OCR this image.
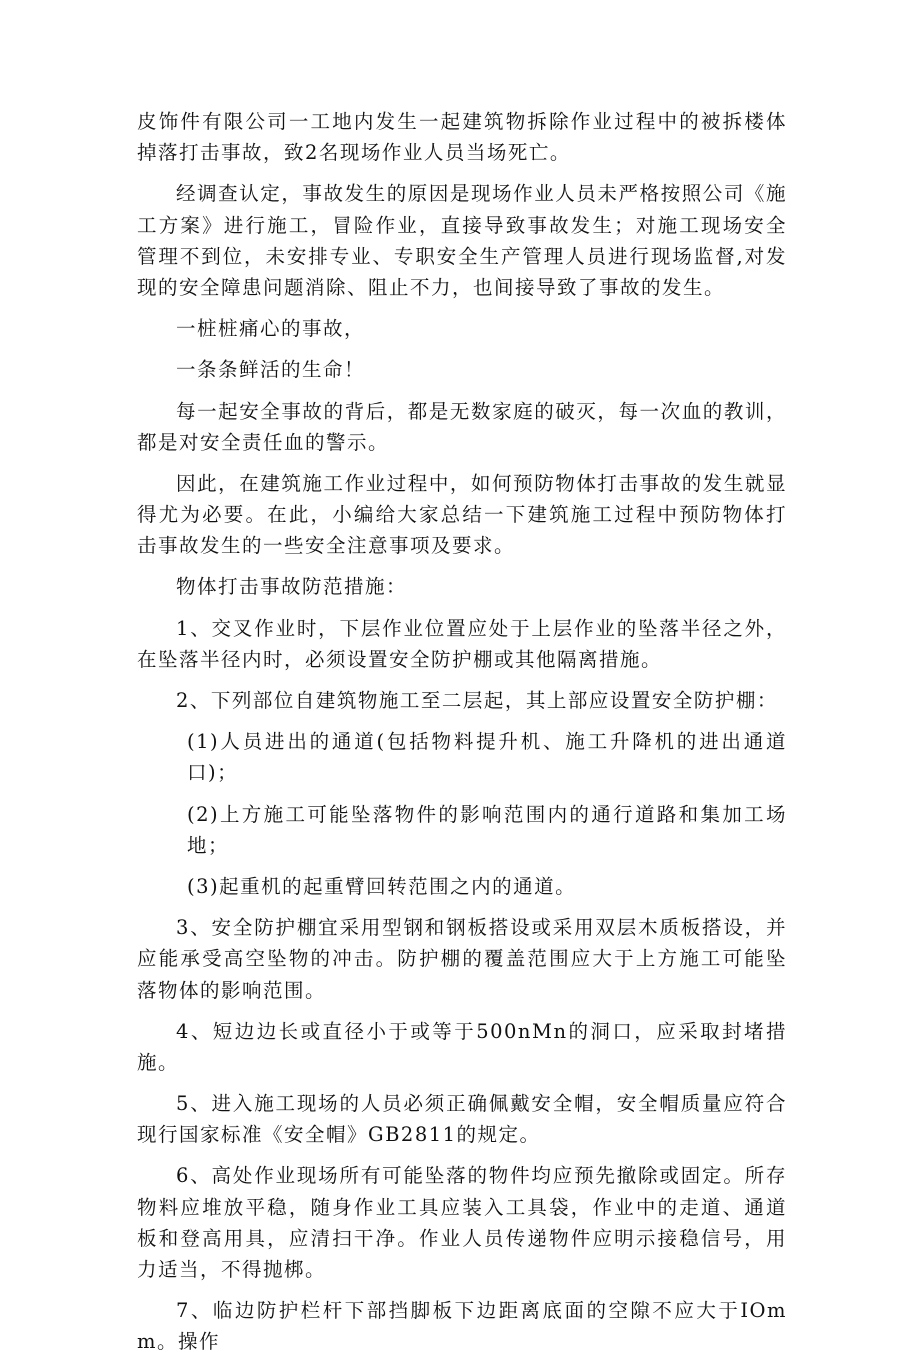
皮饰件有限公司一工地内发生一起建筑物拆除作业过程中的被拆楼体掉落打击事故，致2名现场作业人员当场死亡。

经调查认定，事故发生的原因是现场作业人员未严格按照公司《施工方案》进行施工，冒险作业，直接导致事故发生；对施工现场安全管理不到位，未安排专业、专职安全生产管理人员进行现场监督,对发现的安全障患问题消除、阻止不力，也间接导致了事故的发生。

一桩桩痛心的事故，

一条条鲜活的生命！

每一起安全事故的背后，都是无数家庭的破灭，每一次血的教训，都是对安全责任血的警示。

因此，在建筑施工作业过程中，如何预防物体打击事故的发生就显得尤为必要。在此，小编给大家总结一下建筑施工过程中预防物体打击事故发生的一些安全注意事项及要求。

物体打击事故防范措施：

1、交叉作业时，下层作业位置应处于上层作业的坠落半径之外，在坠落半径内时，必须设置安全防护棚或其他隔离措施。

2、下列部位自建筑物施工至二层起，其上部应设置安全防护棚：

(1)人员进出的通道(包括物料提升机、施工升降机的进出通道口)；

(2)上方施工可能坠落物件的影响范围内的通行道路和集加工场地；

(3)起重机的起重臂回转范围之内的通道。

3、安全防护棚宜采用型钢和钢板搭设或采用双层木质板搭设，并应能承受高空坠物的冲击。防护棚的覆盖范围应大于上方施工可能坠落物体的影响范围。

4、短边边长或直径小于或等于500nMn的洞口，应采取封堵措施。

5、进入施工现场的人员必须正确佩戴安全帽，安全帽质量应符合现行国家标准《安全帽》GB2811的规定。

6、高处作业现场所有可能坠落的物件均应预先撤除或固定。所存物料应堆放平稳，随身作业工具应装入工具袋，作业中的走道、通道板和登高用具，应清扫干净。作业人员传递物件应明示接稳信号，用力适当，不得抛梆。

7、临边防护栏杆下部挡脚板下边距离底面的空隙不应大于IOmm。操作
